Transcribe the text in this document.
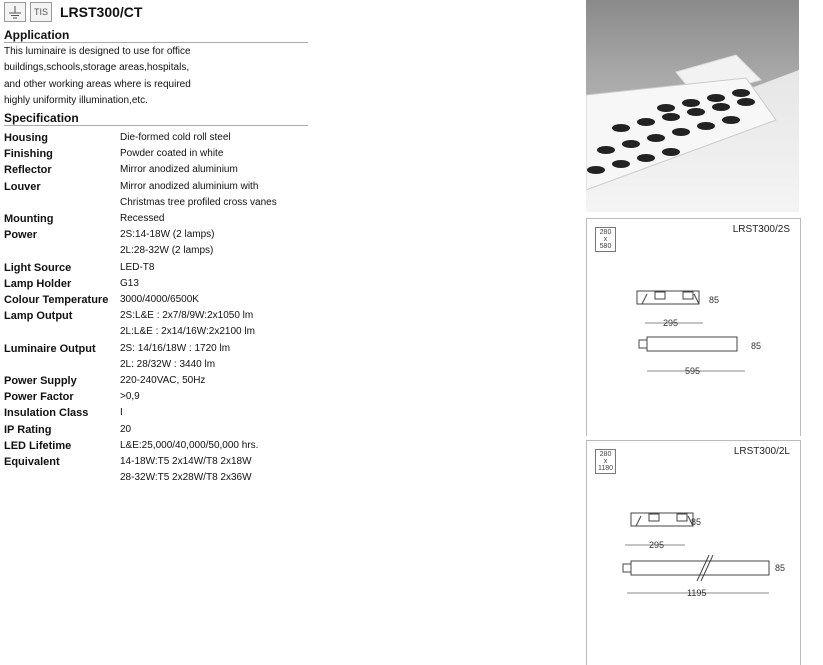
TIS LRST300/CT
Application
This luminaire is designed to use for office
buildings,schools,storage areas,hospitals,
and other working areas where is required
highly uniformity illumination,etc.
Specification
Housing	Die-formed cold roll steel
Finishing	Powder coated in white
Reflector	Mirror anodized aluminium
Louver	Mirror anodized aluminium with
Christmas tree profiled cross vanes
Mounting	Recessed
Power	2S:14-18W (2 lamps)
2L:28-32W (2 lamps)
Light Source	LED-T8
Lamp Holder	G13
Colour Temperature	3000/4000/6500K
Lamp Output	2S:L&E : 2x7/8/9W:2x1050 lm
2L:L&E : 2x14/16W:2x2100 lm
Luminaire Output	2S: 14/16/18W : 1720 lm
2L: 28/32W : 3440 lm
Power Supply	220-240VAC, 50Hz
Power Factor	>0,9
Insulation Class	I
IP Rating	20
LED Lifetime	L&E:25,000/40,000/50,000 hrs.
Equivalent	14-18W:T5 2x14W/T8 2x18W
28-32W:T5 2x28W/T8 2x36W
280
x
580
LRST300/2S
295
85
595
85
280
x
1180
LRST300/2L
295
85
1195
85
